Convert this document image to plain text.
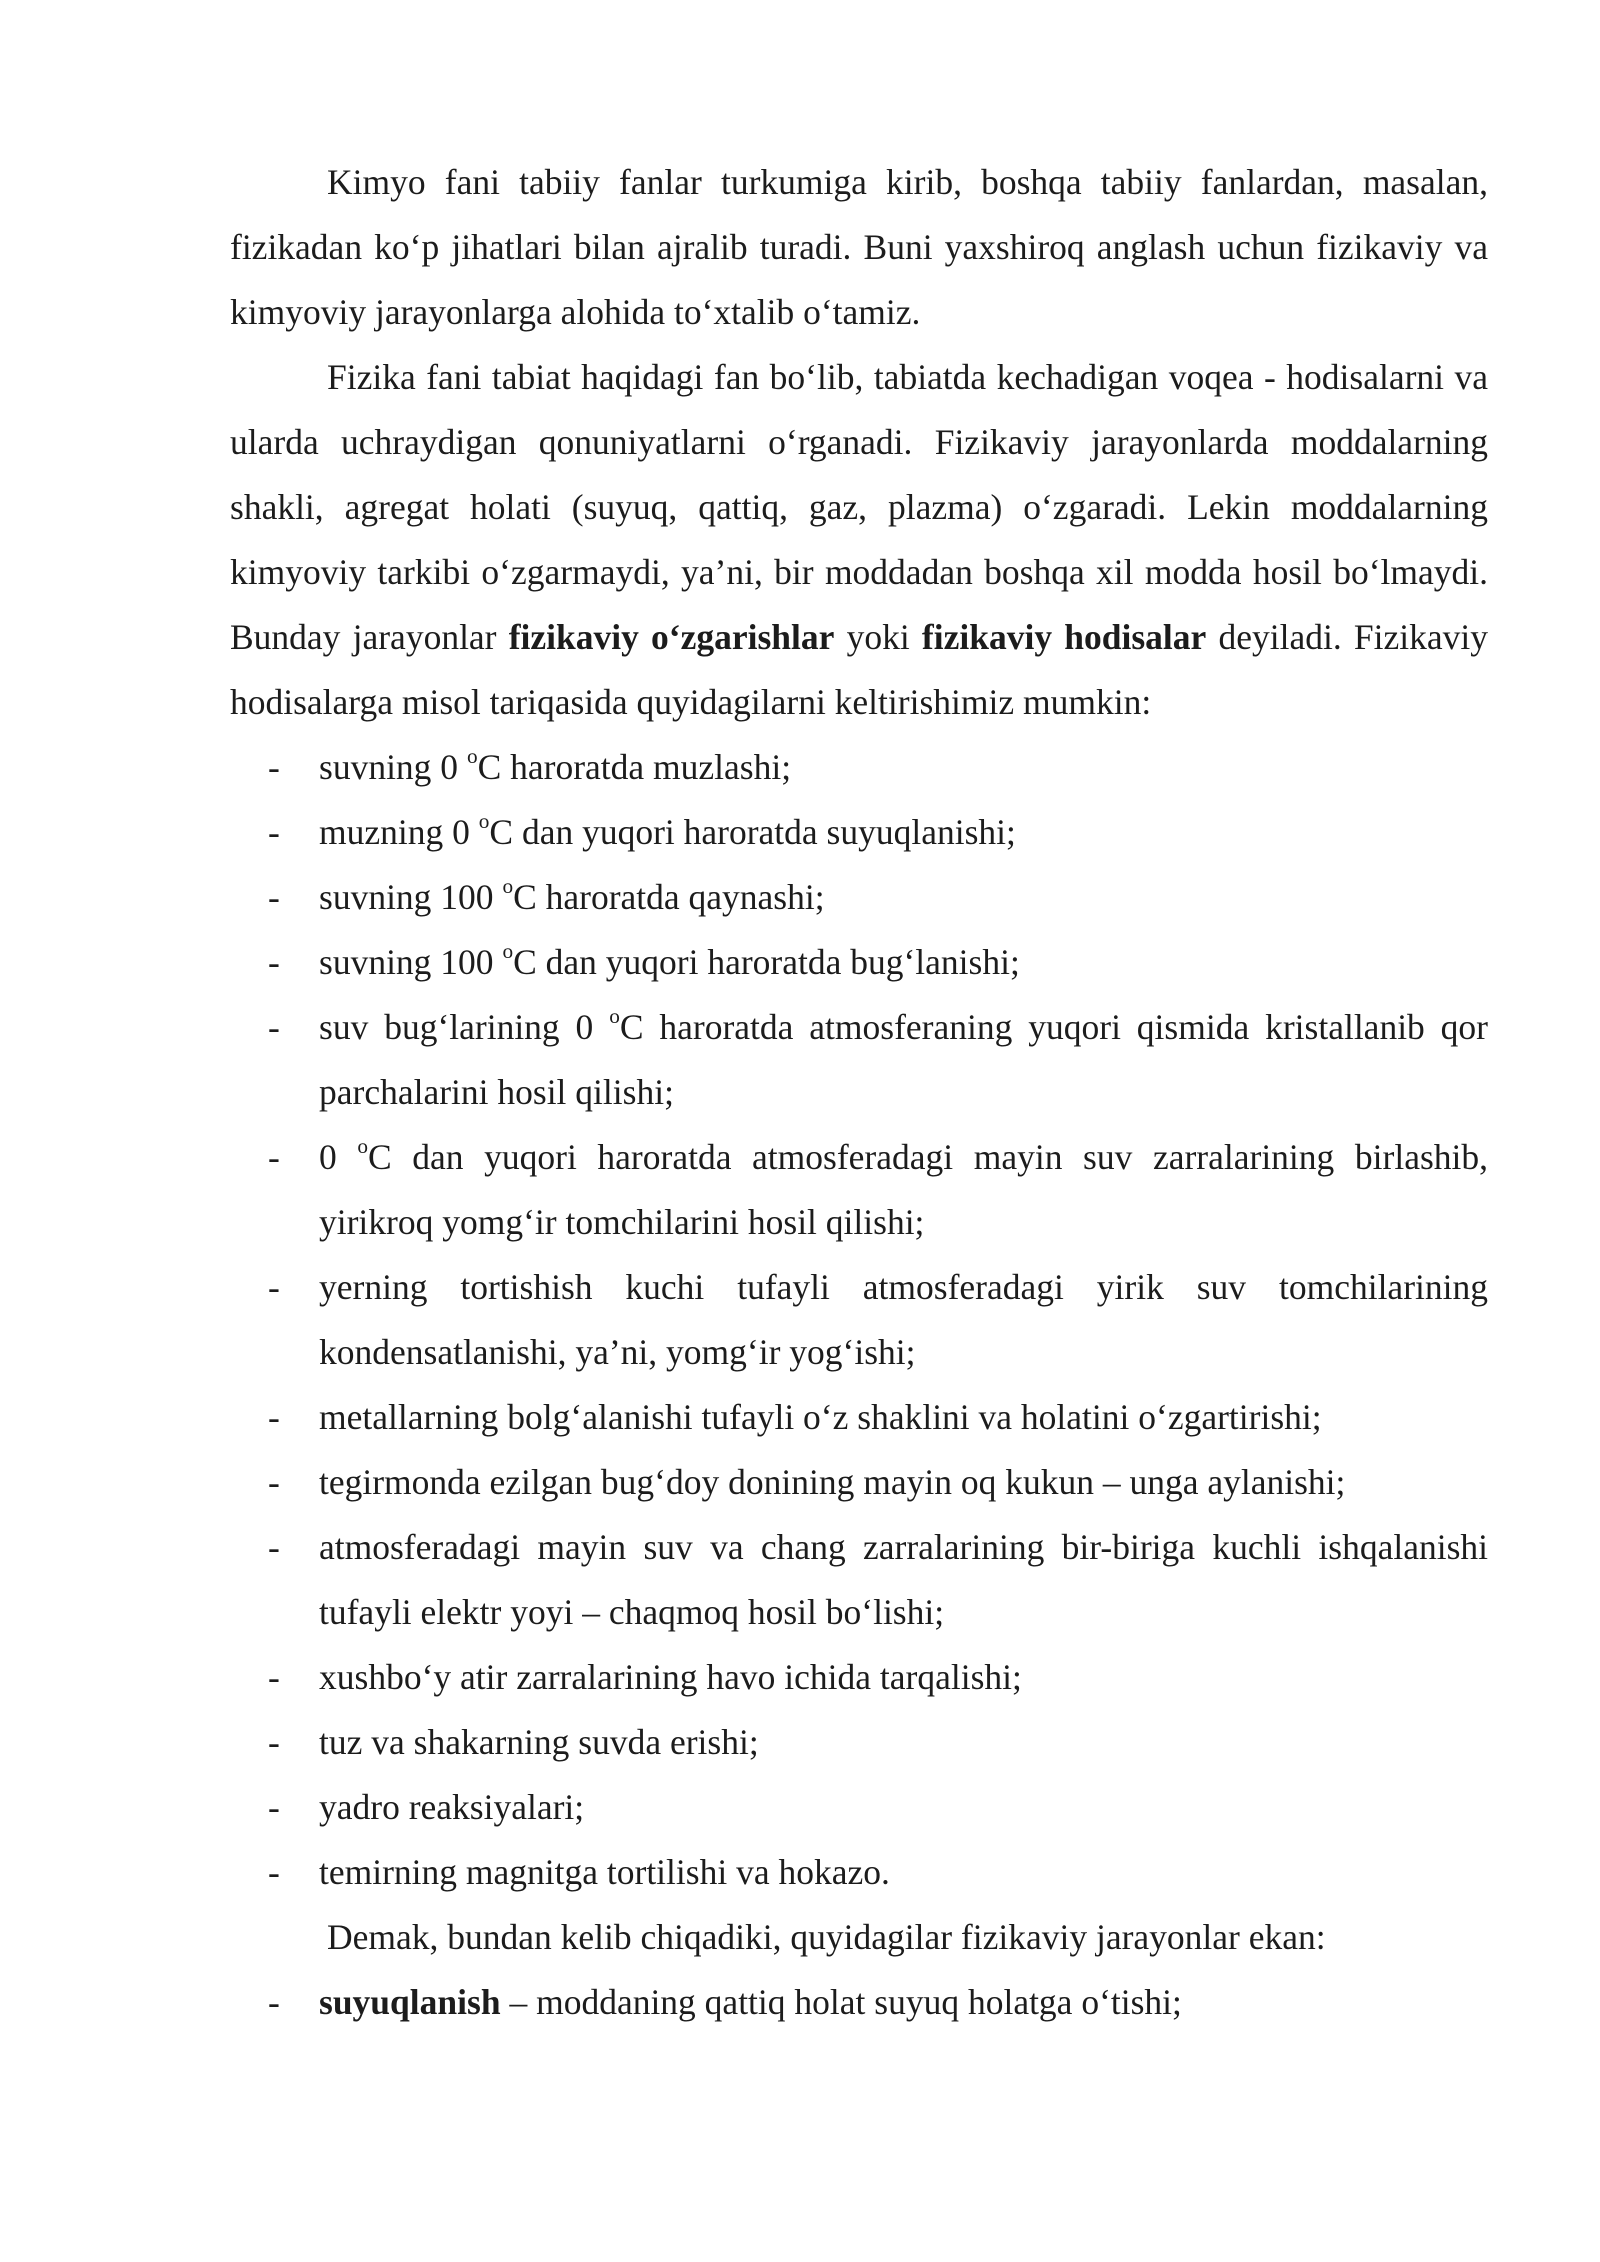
Kimyo fani tabiiy fanlar turkumiga kirib, boshqa tabiiy fanlardan, masalan, fizikadan ko‘p jihatlari bilan ajralib turadi. Buni yaxshiroq anglash uchun fizikaviy va kimyoviy jarayonlarga alohida to‘xtalib o‘tamiz.

Fizika fani tabiat haqidagi fan bo‘lib, tabiatda kechadigan voqea - hodisalarni va ularda uchraydigan qonuniyatlarni o‘rganadi. Fizikaviy jarayonlarda moddalarning shakli, agregat holati (suyuq, qattiq, gaz, plazma) o‘zgaradi. Lekin moddalarning kimyoviy tarkibi o‘zgarmaydi, ya’ni, bir moddadan boshqa xil modda hosil bo‘lmaydi. Bunday jarayonlar fizikaviy o‘zgarishlar yoki fizikaviy hodisalar deyiladi. Fizikaviy hodisalarga misol tariqasida quyidagilarni keltirishimiz mumkin:

- suvning 0 $^o$C haroratda muzlashi;
- muzning 0 $^o$C dan yuqori haroratda suyuqlanishi;
- suvning 100 $^o$C haroratda qaynashi;
- suvning 100 $^o$C dan yuqori haroratda bug‘lanishi;
- suv bug‘larining 0 $^o$C haroratda atmosferaning yuqori qismida kristallanib qor parchalarini hosil qilishi;
- 0 $^o$C dan yuqori haroratda atmosferadagi mayin suv zarralarining birlashib, yirikroq yomg‘ir tomchilarini hosil qilishi;
- yerning tortishish kuchi tufayli atmosferadagi yirik suv tomchilarining kondensatlanishi, ya’ni, yomg‘ir yog‘ishi;
- metallarning bolg‘alanishi tufayli o‘z shaklini va holatini o‘zgartirishi;
- tegirmonda ezilgan bug‘doy donining mayin oq kukun – unga aylanishi;
- atmosferadagi mayin suv va chang zarralarining bir-biriga kuchli ishqalanishi tufayli elektr yoyi – chaqmoq hosil bo‘lishi;
- xushbo‘y atir zarralarining havo ichida tarqalishi;
- tuz va shakarning suvda erishi;
- yadro reaksiyalari;
- temirning magnitga tortilishi va hokazo.

Demak, bundan kelib chiqadiki, quyidagilar fizikaviy jarayonlar ekan:

- suyuqlanish – moddaning qattiq holat suyuq holatga o‘tishi;
